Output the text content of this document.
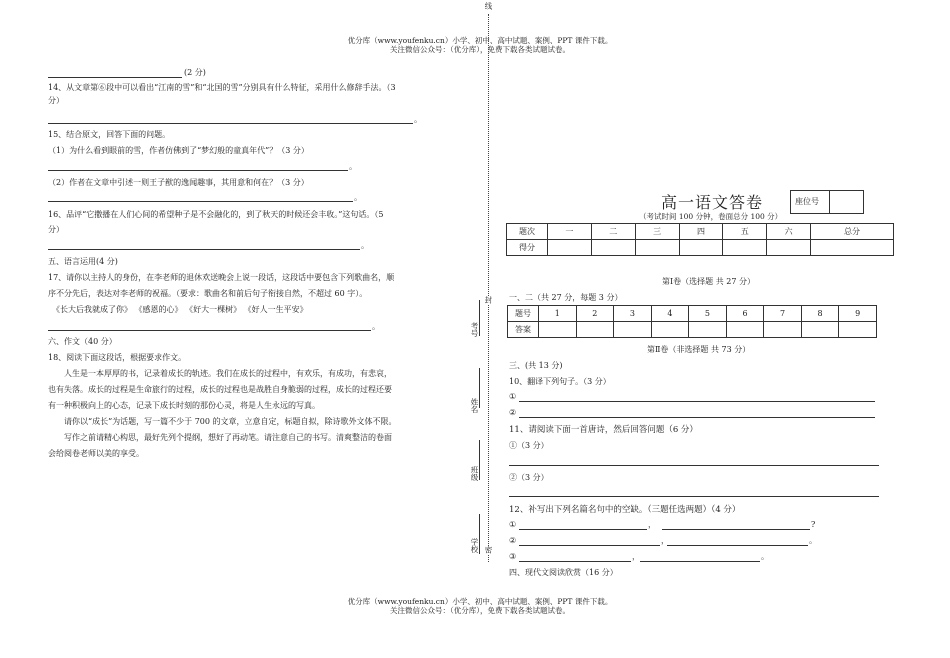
优分库（www.youfenku.cn）小学、初中、高中试题、案例、PPT 课件下载。
关注微信公众号：（优分库），免费下载各类试题试卷。
优分库（www.youfenku.cn）小学、初中、高中试题、案例、PPT 课件下载。
关注微信公众号：（优分库），免费下载各类试题试卷。
(2 分)
14、从文章第⑥段中可以看出“江南的雪”和“北国的雪”分别具有什么特征，采用什么修辞手法。（3
分）
。
15、结合原文，回答下面的问题。
（1）为什么看到眼前的雪，作者仿佛到了“梦幻般的童真年代”？（3 分）
。
（2）作者在文章中引述一则王子猷的逸闻趣事，其用意和何在？（3 分）
。
16、品评“它撒播在人们心间的希望种子是不会融化的，到了秋天的时候还会丰收。”这句话。（5
分）
。
五、语言运用(4 分)
17、请你以主持人的身份，在李老师的退休欢送晚会上说一段话，这段话中要包含下列歌曲名，顺
序不分先后，表达对李老师的祝福。（要求：歌曲名和前后句子衔接自然，不超过 60 字）。
《长大后我就成了你》 《感恩的心》 《好大一棵树》 《好人一生平安》
。
六、作文（40 分）
18、阅读下面这段话，根据要求作文。
人生是一本厚厚的书，记录着成长的轨迹。我们在成长的过程中，有欢乐，有成功，有悲哀，
也有失落。成长的过程是生命旅行的过程，成长的过程也是战胜自身脆弱的过程，成长的过程还要
有一种积极向上的心态，记录下成长时刻的那份心灵，将是人生永远的写真。
请你以“成长”为话题，写一篇不少于 700 的文章，立意自定，标题自拟，除诗歌外文体不限。
写作之前请精心构思，最好先列个提纲，想好了再动笔。请注意自己的书写。清爽整洁的卷面
会给阅卷老师以美的享受。
线
封
密
考号
姓名
班级
学校
高一语文答卷	座位号
（考试时间 100 分钟，卷面总分 100 分）
题次	一	二	三	四	五	六	总分
得分							
第Ⅰ卷（选择题 共 27 分）
一、二（共 27 分，每题 3 分）
题号	1	2	3	4	5	6	7	8	9
答案									
第Ⅱ卷（非选择题 共 73 分）
三、(共 13 分)
10、翻译下列句子。（3 分）
①
②
11、请阅读下面一首唐诗，然后回答问题（6 分）
①（3 分）
②（3 分）
12、补写出下列名篇名句中的空缺。（三题任选两题）（4 分）
①	，	?
②	，	。
③	，	。
四、现代文阅读欣赏（16 分）
